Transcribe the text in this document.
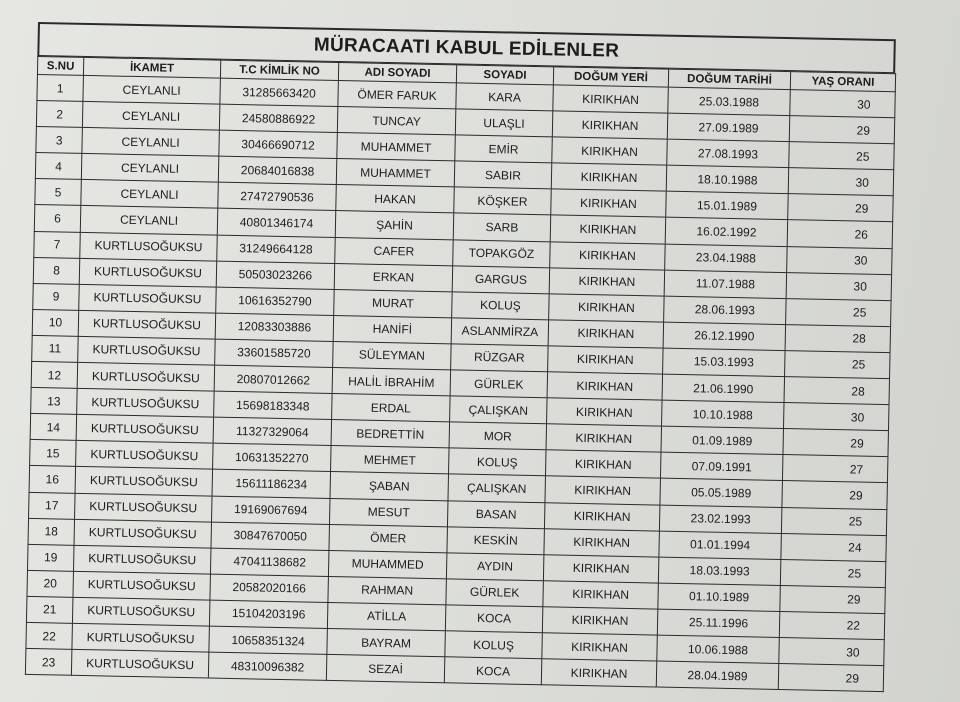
MÜRACAATI KABUL EDİLENLER
S.NU	İKAMET	T.C KİMLİK NO	ADI SOYADI	SOYADI	DOĞUM YERİ	DOĞUM TARİHİ	YAŞ ORANI
1	CEYLANLI	31285663420	ÖMER FARUK	KARA	KIRIKHAN	25.03.1988	30
2	CEYLANLI	24580886922	TUNCAY	ULAŞLI	KIRIKHAN	27.09.1989	29
3	CEYLANLI	30466690712	MUHAMMET	EMİR	KIRIKHAN	27.08.1993	25
4	CEYLANLI	20684016838	MUHAMMET	SABIR	KIRIKHAN	18.10.1988	30
5	CEYLANLI	27472790536	HAKAN	KÖŞKER	KIRIKHAN	15.01.1989	29
6	CEYLANLI	40801346174	ŞAHİN	SARB	KIRIKHAN	16.02.1992	26
7	KURTLUSOĞUKSU	31249664128	CAFER	TOPAKGÖZ	KIRIKHAN	23.04.1988	30
8	KURTLUSOĞUKSU	50503023266	ERKAN	GARGUS	KIRIKHAN	11.07.1988	30
9	KURTLUSOĞUKSU	10616352790	MURAT	KOLUŞ	KIRIKHAN	28.06.1993	25
10	KURTLUSOĞUKSU	12083303886	HANİFİ	ASLANMİRZA	KIRIKHAN	26.12.1990	28
11	KURTLUSOĞUKSU	33601585720	SÜLEYMAN	RÜZGAR	KIRIKHAN	15.03.1993	25
12	KURTLUSOĞUKSU	20807012662	HALİL İBRAHİM	GÜRLEK	KIRIKHAN	21.06.1990	28
13	KURTLUSOĞUKSU	15698183348	ERDAL	ÇALIŞKAN	KIRIKHAN	10.10.1988	30
14	KURTLUSOĞUKSU	11327329064	BEDRETTİN	MOR	KIRIKHAN	01.09.1989	29
15	KURTLUSOĞUKSU	10631352270	MEHMET	KOLUŞ	KIRIKHAN	07.09.1991	27
16	KURTLUSOĞUKSU	15611186234	ŞABAN	ÇALIŞKAN	KIRIKHAN	05.05.1989	29
17	KURTLUSOĞUKSU	19169067694	MESUT	BASAN	KIRIKHAN	23.02.1993	25
18	KURTLUSOĞUKSU	30847670050	ÖMER	KESKİN	KIRIKHAN	01.01.1994	24
19	KURTLUSOĞUKSU	47041138682	MUHAMMED	AYDIN	KIRIKHAN	18.03.1993	25
20	KURTLUSOĞUKSU	20582020166	RAHMAN	GÜRLEK	KIRIKHAN	01.10.1989	29
21	KURTLUSOĞUKSU	15104203196	ATİLLA	KOCA	KIRIKHAN	25.11.1996	22
22	KURTLUSOĞUKSU	10658351324	BAYRAM	KOLUŞ	KIRIKHAN	10.06.1988	30
23	KURTLUSOĞUKSU	48310096382	SEZAİ	KOCA	KIRIKHAN	28.04.1989	29
